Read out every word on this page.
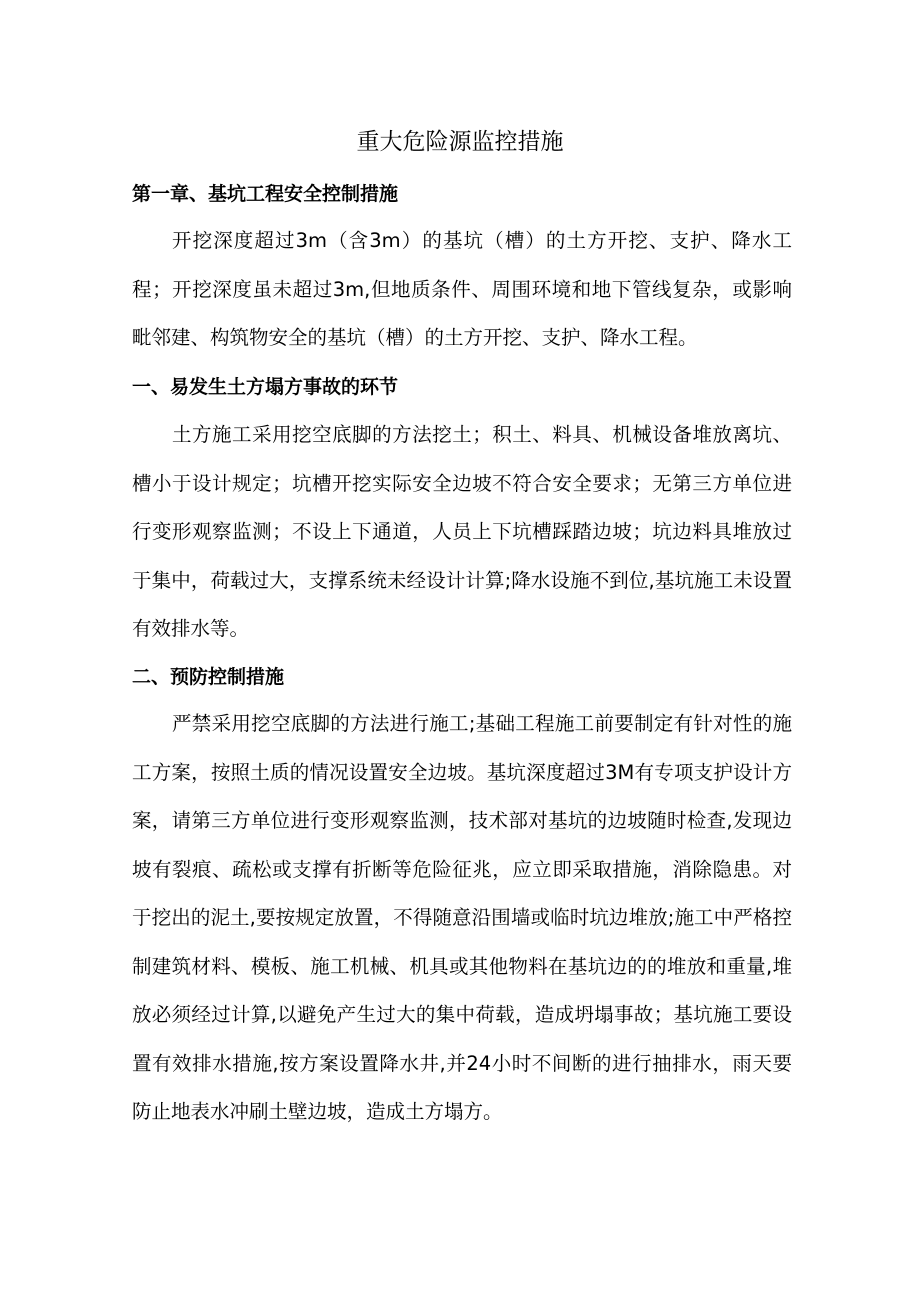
重大危险源监控措施
第一章、基坑工程安全控制措施

开挖深度超过3m（含3m）的基坑（槽）的土方开挖、支护、降水工程；开挖深度虽未超过3m,但地质条件、周围环境和地下管线复杂，或影响毗邻建、构筑物安全的基坑（槽）的土方开挖、支护、降水工程。

一、易发生土方塌方事故的环节

土方施工采用挖空底脚的方法挖土；积土、料具、机械设备堆放离坑、槽小于设计规定；坑槽开挖实际安全边坡不符合安全要求；无第三方单位进行变形观察监测；不设上下通道，人员上下坑槽踩踏边坡；坑边料具堆放过于集中，荷载过大，支撑系统未经设计计算;降水设施不到位,基坑施工未设置有效排水等。

二、预防控制措施

严禁采用挖空底脚的方法进行施工;基础工程施工前要制定有针对性的施工方案，按照土质的情况设置安全边坡。基坑深度超过3M有专项支护设计方案，请第三方单位进行变形观察监测，技术部对基坑的边坡随时检查,发现边坡有裂痕、疏松或支撑有折断等危险征兆，应立即采取措施，消除隐患。对于挖出的泥土,要按规定放置，不得随意沿围墙或临时坑边堆放;施工中严格控制建筑材料、模板、施工机械、机具或其他物料在基坑边的的堆放和重量,堆放必须经过计算,以避免产生过大的集中荷载，造成坍塌事故；基坑施工要设置有效排水措施,按方案设置降水井,并24小时不间断的进行抽排水，雨天要防止地表水冲刷土壁边坡，造成土方塌方。
